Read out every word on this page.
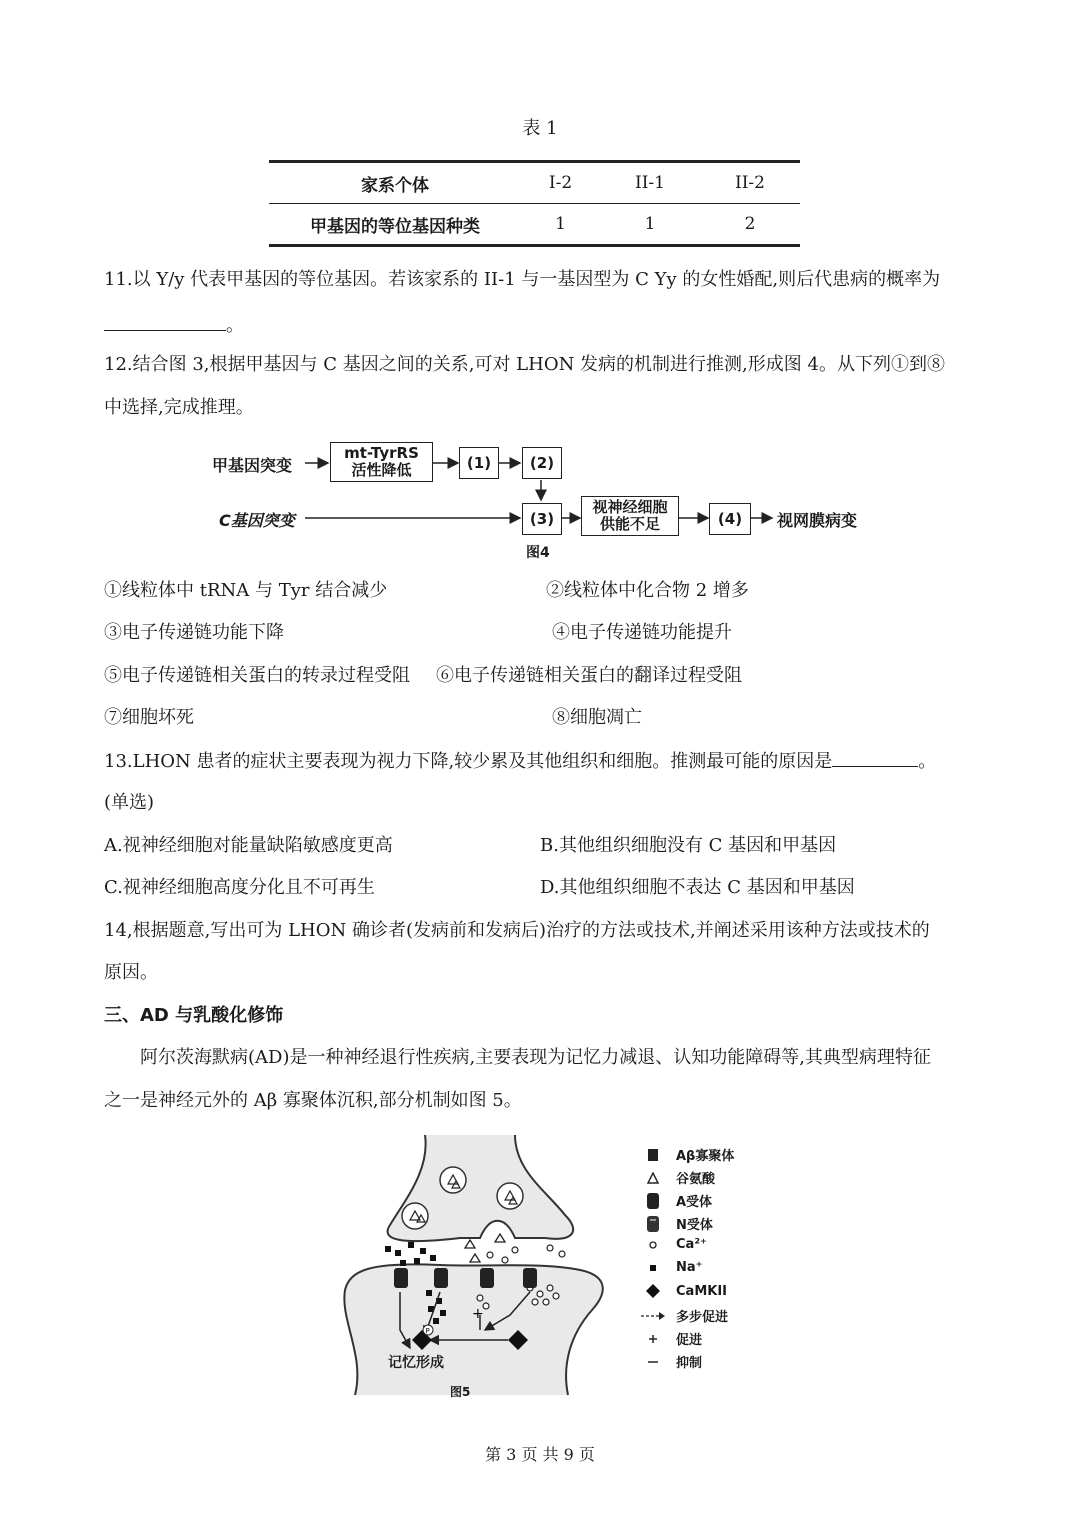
表 1
家系个体	I-2	II-1	II-2
甲基因的等位基因种类	1	1	2
11.以 Y/y 代表甲基因的等位基因。若该家系的 II-1 与一基因型为 C Yy 的女性婚配,则后代患病的概率为
。
12.结合图 3,根据甲基因与 C 基因之间的关系,可对 LHON 发病的机制进行推测,形成图 4。从下列①到⑧
中选择,完成推理。
甲基因突变
C基因突变
mt-TyrRS
活性降低	(1)	(2)
(3)
视神经细胞
供能不足	(4)	视网膜病变
图4
①线粒体中 tRNA 与 Tyr 结合减少	②线粒体中化合物 2 增多
③电子传递链功能下降	④电子传递链功能提升
⑤电子传递链相关蛋白的转录过程受阻 ⑥电子传递链相关蛋白的翻译过程受阻
⑦细胞坏死	⑧细胞凋亡
13.LHON 患者的症状主要表现为视力下降,较少累及其他组织和细胞。推测最可能的原因是	。
(单选)
A.视神经细胞对能量缺陷敏感度更高	B.其他组织细胞没有 C 基因和甲基因
C.视神经细胞高度分化且不可再生	D.其他组织细胞不表达 C 基因和甲基因
14,根据题意,写出可为 LHON 确诊者(发病前和发病后)治疗的方法或技术,并阐述采用该种方法或技术的
原因。
三、AD 与乳酸化修饰
阿尔茨海默病(AD)是一种神经退行性疾病,主要表现为记忆力减退、认知功能障碍等,其典型病理特征
之一是神经元外的 Aβ 寡聚体沉积,部分机制如图 5。
P
+
记忆形成
图5
Aβ寡聚体
谷氨酸
A受体
N受体
Ca²⁺
Na⁺
CaMKII
多步促进
促进
抑制
第 3 页 共 9 页
